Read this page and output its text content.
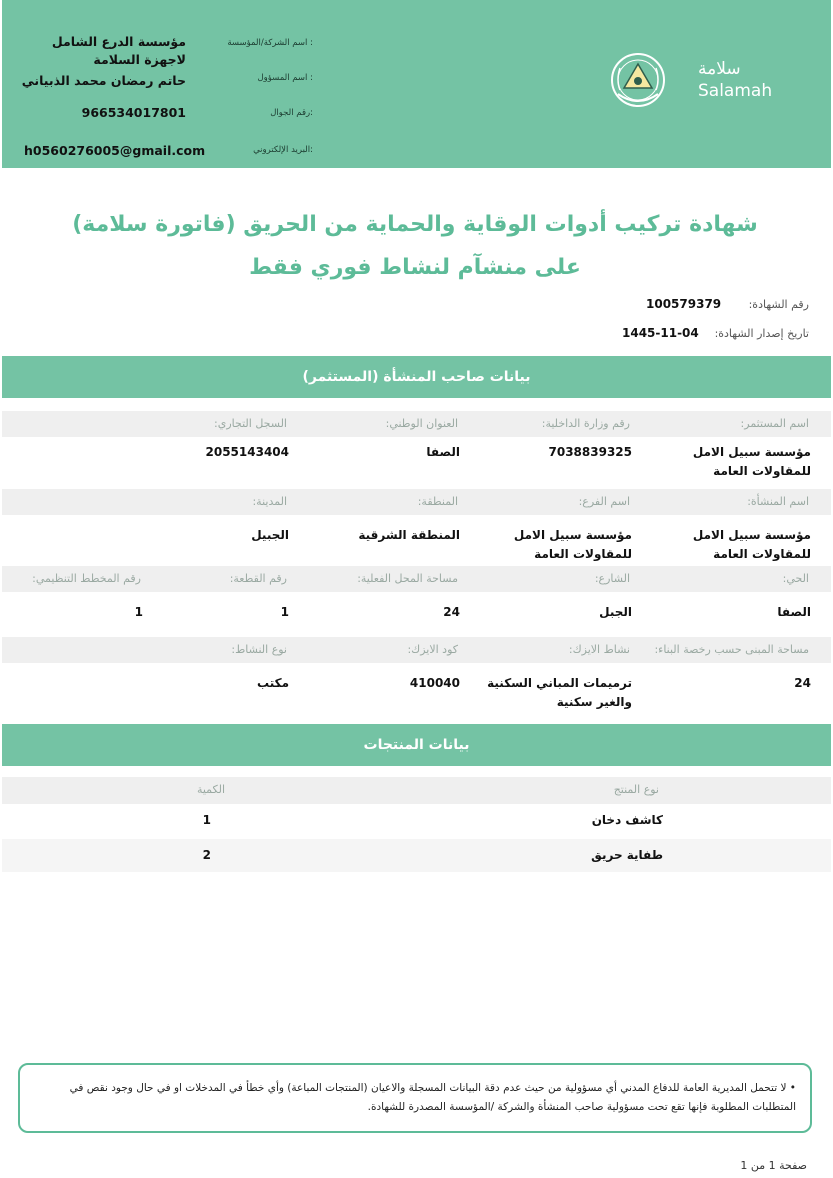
سلامة
Salamah
اسم الشركة/المؤسسة :
مؤسسة الدرع الشامل لاجهزة السلامة
اسم المسؤول :
حاتم رمضان محمد الذبياني
رقم الجوال:
966534017801
البريد الإلكتروني:
h0560276005@gmail.com
شهادة تركيب أدوات الوقاية والحماية من الحريق (فاتورة سلامة)
على منشآم لنشاط فوري فقط
رقم الشهادة:
100579379
تاريخ إصدار الشهادة:
1445-11-04
بيانات صاحب المنشأة (المستثمر)
اسم المستثمر:
رقم وزارة الداخلية:
العنوان الوطني:
السجل التجاري:
مؤسسة سبيل الامل للمقاولات العامة
7038839325
الصفا
2055143404
اسم المنشأة:
اسم الفرع:
المنطقة:
المدينة:
مؤسسة سبيل الامل للمقاولات العامة
مؤسسة سبيل الامل للمقاولات العامة
المنطقة الشرقية
الجبيل
الحي:
الشارع:
مساحة المحل الفعلية:
رقم القطعة:
رقم المخطط التنظيمي:
الصفا
الجبل
24
1
1
مساحة المبنى حسب رخصة البناء:
نشاط الايزك:
كود الايزك:
نوع النشاط:
24
ترميمات المباني السكنية والغير سكنية
410040
مكتب
بيانات المنتجات
نوع المنتج
الكمية
كاشف دخان
1
طفاية حريق
2
• لا تتحمل المديرية العامة للدفاع المدني أي مسؤولية من حيث عدم دقة البيانات المسجلة والاعيان (المنتجات المباعة) وأي خطأ في المدخلات او في حال وجود نقص في المتطلبات المطلوبة فإنها تقع تحت مسؤولية صاحب المنشأة والشركة /المؤسسة المصدرة للشهادة.
صفحة 1 من 1
